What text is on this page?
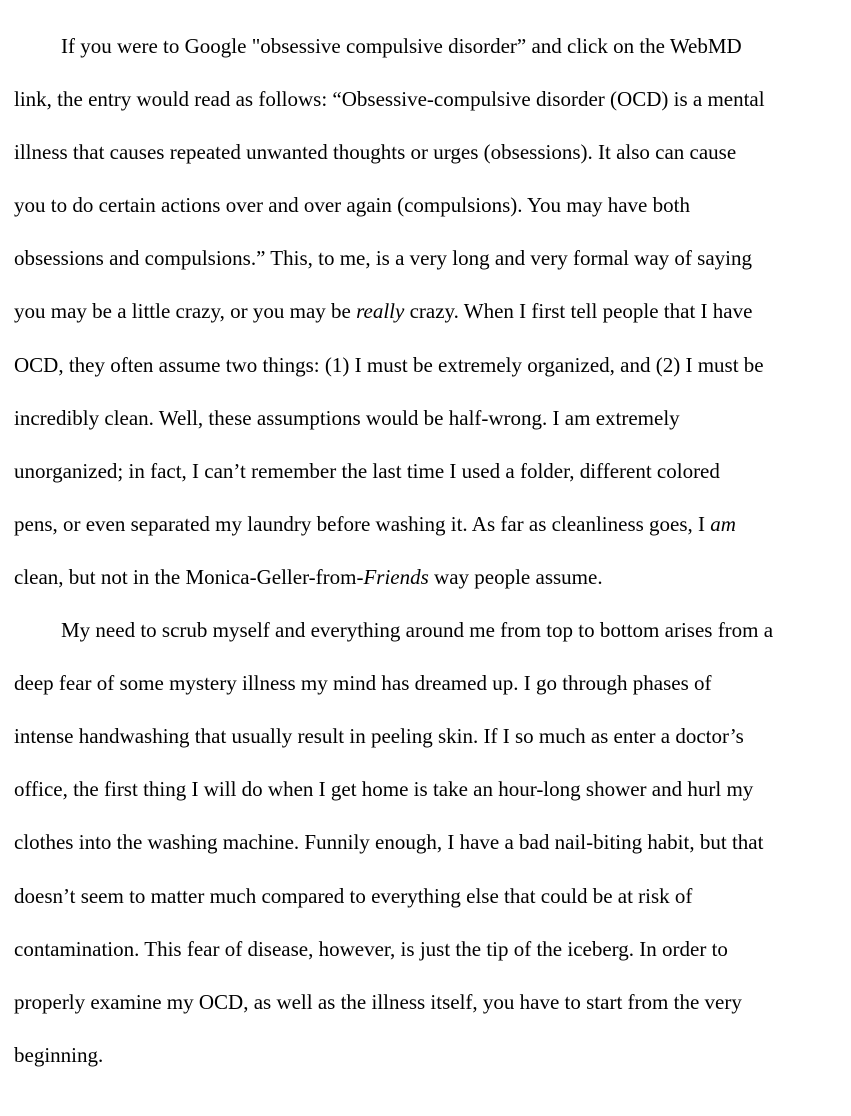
If you were to Google "obsessive compulsive disorder” and click on the WebMD
link, the entry would read as follows: “Obsessive-compulsive disorder (OCD) is a mental
illness that causes repeated unwanted thoughts or urges (obsessions). It also can cause
you to do certain actions over and over again (compulsions). You may have both
obsessions and compulsions.” This, to me, is a very long and very formal way of saying
you may be a little crazy, or you may be really crazy. When I first tell people that I have
OCD, they often assume two things: (1) I must be extremely organized, and (2) I must be
incredibly clean. Well, these assumptions would be half-wrong. I am extremely
unorganized; in fact, I can’t remember the last time I used a folder, different colored
pens, or even separated my laundry before washing it. As far as cleanliness goes, I am
clean, but not in the Monica-Geller-from-Friends way people assume.

My need to scrub myself and everything around me from top to bottom arises from a
deep fear of some mystery illness my mind has dreamed up. I go through phases of
intense handwashing that usually result in peeling skin. If I so much as enter a doctor’s
office, the first thing I will do when I get home is take an hour-long shower and hurl my
clothes into the washing machine. Funnily enough, I have a bad nail-biting habit, but that
doesn’t seem to matter much compared to everything else that could be at risk of
contamination. This fear of disease, however, is just the tip of the iceberg. In order to
properly examine my OCD, as well as the illness itself, you have to start from the very
beginning.
